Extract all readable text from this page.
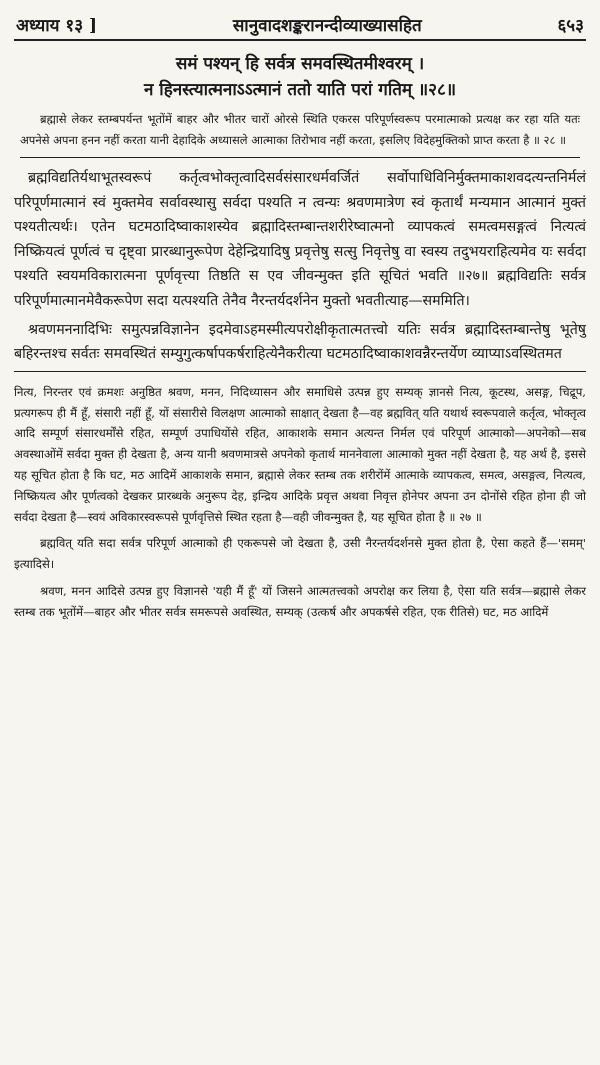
अध्याय १३ ]	सानुवादशङ्करानन्दीव्याख्यासहित	६५३
समं पश्यन् हि सर्वत्र समवस्थितमीश्वरम् ।
न हिनस्त्यात्मनाऽऽत्मानं ततो याति परां गतिम् ॥२८॥

ब्रह्मासे लेकर स्तम्बपर्यन्त भूतोंमें बाहर और भीतर चारों ओरसे स्थिति एकरस परिपूर्णस्वरूप परमात्माको प्रत्यक्ष कर रहा यति यतः अपनेसे अपना हनन नहीं करता यानी देहादिके अध्यासले आत्माका तिरोभाव नहीं करता, इसलिए विदेहमुक्तिको प्राप्त करता है ॥ २८ ॥

ब्रह्मविद्यतिर्यथाभूतस्वरूपं कर्तृत्वभोक्तृत्वादिसर्वसंसारधर्मवर्जितं सर्वोपाधिविनिर्मुक्तमाकाशवदत्यन्तनिर्मलं परिपूर्णमात्मानं स्वं मुक्तमेव सर्वावस्थासु सर्वदा पश्यति न त्वन्यः श्रवणमात्रेण स्वं कृतार्थं मन्यमान आत्मानं मुक्तं पश्यतीत्यर्थः। एतेन घटमठादिष्वाकाशस्येव ब्रह्मादिस्तम्बान्तशरीरेष्वात्मनो व्यापकत्वं समत्वमसङ्गत्वं नित्यत्वं निष्क्रियत्वं पूर्णत्वं च दृष्ट्वा प्रारब्धानुरूपेण देहेन्द्रियादिषु प्रवृत्तेषु सत्सु निवृत्तेषु वा स्वस्य तदुभयराहित्यमेव यः सर्वदा पश्यति स्वयमविकारात्मना पूर्णवृत्त्या तिष्ठति स एव जीवन्मुक्त इति सूचितं भवति ॥२७॥ ब्रह्मविद्यतिः सर्वत्र परिपूर्णमात्मानमेवैकरूपेण सदा यत्पश्यति तेनैव नैरन्तर्यदर्शनेन मुक्तो भवतीत्याह—सममिति।

श्रवणमननादिभिः समुत्पन्नविज्ञानेन इदमेवाऽहमस्मीत्यपरोक्षीकृतात्मतत्त्वो यतिः सर्वत्र ब्रह्मादिस्तम्बान्तेषु भूतेषु बहिरन्तश्च सर्वतः समवस्थितं सम्युगुत्कर्षापकर्षराहित्येनैकरीत्या घटमठादिष्वाकाशवन्नैरन्तर्येण व्याप्याऽवस्थितमत

नित्य, निरन्तर एवं क्रमशः अनुष्ठित श्रवण, मनन, निदिध्यासन और समाधिसे उत्पन्न हुए सम्यक् ज्ञानसे नित्य, कूटस्थ, असङ्ग, चिद्रूप, प्रत्यगरूप ही मैं हूँ, संसारी नहीं हूँ, यों संसारीसे विलक्षण आत्माको साक्षात् देखता है—वह ब्रह्मवित् यति यथार्थ स्वरूपवाले कर्तृत्व, भोक्तृत्व आदि सम्पूर्ण संसारधर्मोंसे रहित, सम्पूर्ण उपाधियोंसे रहित, आकाशके समान अत्यन्त निर्मल एवं परिपूर्ण आत्माको—अपनेको—सब अवस्थाओंमें सर्वदा मुक्त ही देखता है, अन्य यानी श्रवणमात्रसे अपनेको कृतार्थ माननेवाला आत्माको मुक्त नहीं देखता है, यह अर्थ है, इससे यह सूचित होता है कि घट, मठ आदिमें आकाशके समान, ब्रह्मासे लेकर स्तम्ब तक शरीरोंमें आत्माके व्यापकत्व, समत्व, असङ्गत्व, नित्यत्व, निष्क्रियत्व और पूर्णत्वको देखकर प्रारब्धके अनुरूप देह, इन्द्रिय आदिके प्रवृत्त अथवा निवृत्त होनेपर अपना उन दोनोंसे रहित होना ही जो सर्वदा देखता है—स्वयं अविकारस्वरूपसे पूर्णवृत्तिसे स्थित रहता है—वही जीवन्मुक्त है, यह सूचित होता है ॥ २७ ॥

ब्रह्मवित् यति सदा सर्वत्र परिपूर्ण आत्माको ही एकरूपसे जो देखता है, उसी नैरन्तर्यदर्शनसे मुक्त होता है, ऐसा कहते हैं—'समम्' इत्यादिसे।

श्रवण, मनन आदिसे उत्पन्न हुए विज्ञानसे 'यही मैं हूँ' यों जिसने आत्मतत्त्वको अपरोक्ष कर लिया है, ऐसा यति सर्वत्र—ब्रह्मासे लेकर स्तम्ब तक भूतोंमें—बाहर और भीतर सर्वत्र समरूपसे अवस्थित, सम्यक् (उत्कर्ष और अपकर्षसे रहित, एक रीतिसे) घट, मठ आदिमें
